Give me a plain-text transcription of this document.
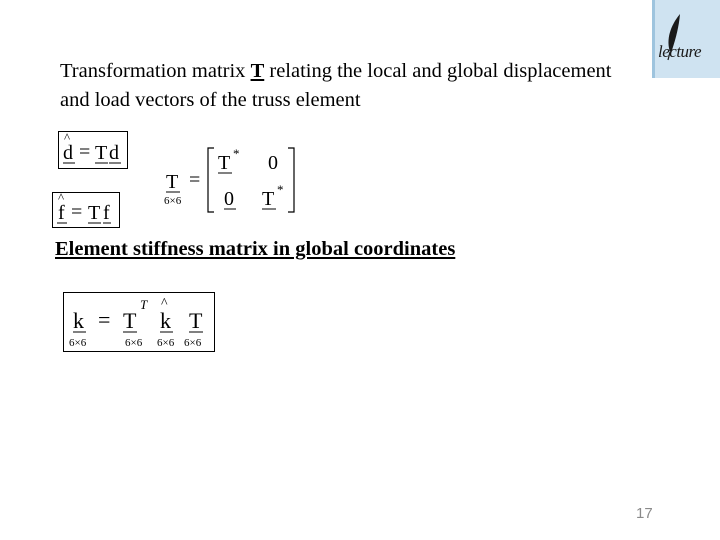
Transformation matrix T relating the local and global displacement and load vectors of the truss element
lecture
d
^
= T d
f
^
= T f
T
6×6
=
T * 0
0 T *
Element stiffness matrix in global coordinates
k
6×6
= T
T
6×6
^
k
6×6
T
6×6
17
